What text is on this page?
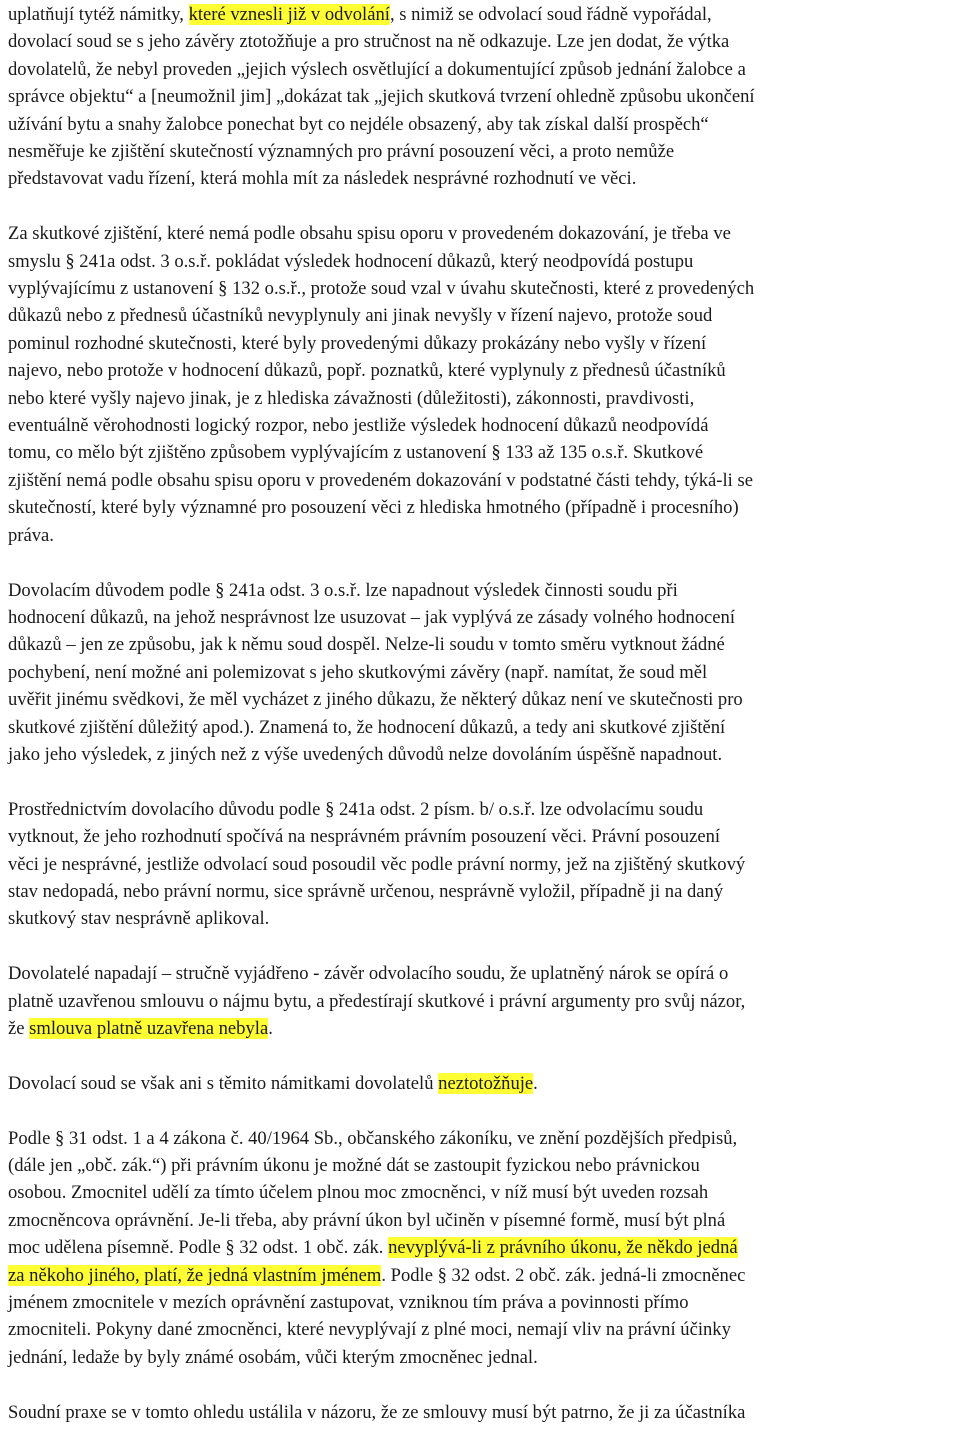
uplatňují tytéž námitky, které vznesli již v odvolání, s nimiž se odvolací soud řádně vypořádal,
dovolací soud se s jeho závěry ztotožňuje a pro stručnost na ně odkazuje. Lze jen dodat, že výtka
dovolatelů, že nebyl proveden „jejich výslech osvětlující a dokumentující způsob jednání žalobce a
správce objektu“ a [neumožnil jim] „dokázat tak „jejich skutková tvrzení ohledně způsobu ukončení
užívání bytu a snahy žalobce ponechat byt co nejdéle obsazený, aby tak získal další prospěch“
nesměřuje ke zjištění skutečností významných pro právní posouzení věci, a proto nemůže
představovat vadu řízení, která mohla mít za následek nesprávné rozhodnutí ve věci.

Za skutkové zjištění, které nemá podle obsahu spisu oporu v provedeném dokazování, je třeba ve
smyslu § 241a odst. 3 o.s.ř. pokládat výsledek hodnocení důkazů, který neodpovídá postupu
vyplývajícímu z ustanovení § 132 o.s.ř., protože soud vzal v úvahu skutečnosti, které z provedených
důkazů nebo z přednesů účastníků nevyplynuly ani jinak nevyšly v řízení najevo, protože soud
pominul rozhodné skutečnosti, které byly provedenými důkazy prokázány nebo vyšly v řízení
najevo, nebo protože v hodnocení důkazů, popř. poznatků, které vyplynuly z přednesů účastníků
nebo které vyšly najevo jinak, je z hlediska závažnosti (důležitosti), zákonnosti, pravdivosti,
eventuálně věrohodnosti logický rozpor, nebo jestliže výsledek hodnocení důkazů neodpovídá
tomu, co mělo být zjištěno způsobem vyplývajícím z ustanovení § 133 až 135 o.s.ř. Skutkové
zjištění nemá podle obsahu spisu oporu v provedeném dokazování v podstatné části tehdy, týká-li se
skutečností, které byly významné pro posouzení věci z hlediska hmotného (případně i procesního)
práva.

Dovolacím důvodem podle § 241a odst. 3 o.s.ř. lze napadnout výsledek činnosti soudu při
hodnocení důkazů, na jehož nesprávnost lze usuzovat – jak vyplývá ze zásady volného hodnocení
důkazů – jen ze způsobu, jak k němu soud dospěl. Nelze-li soudu v tomto směru vytknout žádné
pochybení, není možné ani polemizovat s jeho skutkovými závěry (např. namítat, že soud měl
uvěřit jinému svědkovi, že měl vycházet z jiného důkazu, že některý důkaz není ve skutečnosti pro
skutkové zjištění důležitý apod.). Znamená to, že hodnocení důkazů, a tedy ani skutkové zjištění
jako jeho výsledek, z jiných než z výše uvedených důvodů nelze dovoláním úspěšně napadnout.

Prostřednictvím dovolacího důvodu podle § 241a odst. 2 písm. b/ o.s.ř. lze odvolacímu soudu
vytknout, že jeho rozhodnutí spočívá na nesprávném právním posouzení věci. Právní posouzení
věci je nesprávné, jestliže odvolací soud posoudil věc podle právní normy, jež na zjištěný skutkový
stav nedopadá, nebo právní normu, sice správně určenou, nesprávně vyložil, případně ji na daný
skutkový stav nesprávně aplikoval.

Dovolatelé napadají – stručně vyjádřeno - závěr odvolacího soudu, že uplatněný nárok se opírá o
platně uzavřenou smlouvu o nájmu bytu, a předestírají skutkové i právní argumenty pro svůj názor,
že smlouva platně uzavřena nebyla.

Dovolací soud se však ani s těmito námitkami dovolatelů neztotožňuje.

Podle § 31 odst. 1 a 4 zákona č. 40/1964 Sb., občanského zákoníku, ve znění pozdějších předpisů,
(dále jen „obč. zák.“) při právním úkonu je možné dát se zastoupit fyzickou nebo právnickou
osobou. Zmocnitel udělí za tímto účelem plnou moc zmocněnci, v níž musí být uveden rozsah
zmocněncova oprávnění. Je-li třeba, aby právní úkon byl učiněn v písemné formě, musí být plná
moc udělena písemně. Podle § 32 odst. 1 obč. zák. nevyplývá-li z právního úkonu, že někdo jedná
za někoho jiného, platí, že jedná vlastním jménem. Podle § 32 odst. 2 obč. zák. jedná-li zmocněnec
jménem zmocnitele v mezích oprávnění zastupovat, vzniknou tím práva a povinnosti přímo
zmocniteli. Pokyny dané zmocněnci, které nevyplývají z plné moci, nemají vliv na právní účinky
jednání, ledaže by byly známé osobám, vůči kterým zmocněnec jednal.

Soudní praxe se v tomto ohledu ustálila v názoru, že ze smlouvy musí být patrno, že ji za účastníka
